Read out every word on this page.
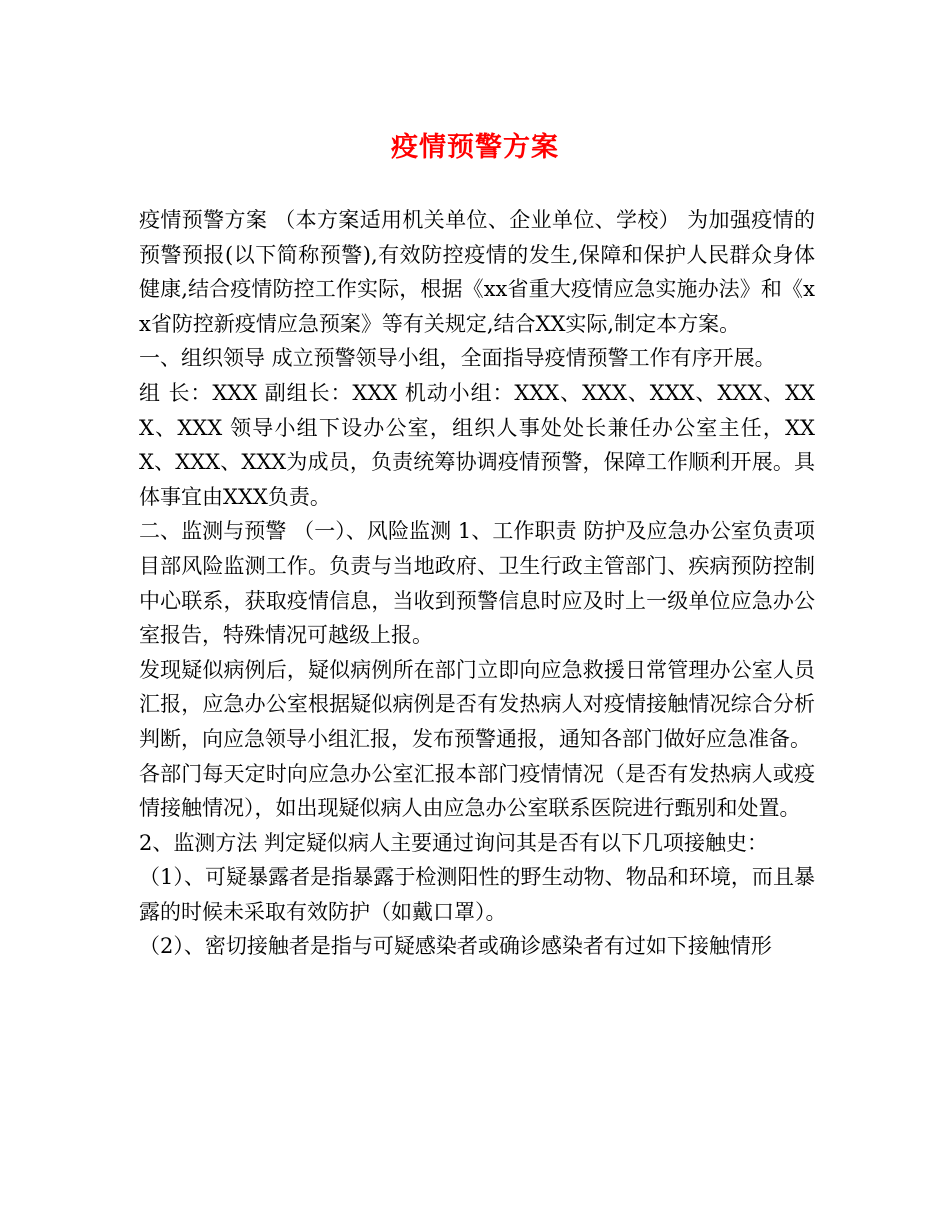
疫情预警方案

疫情预警方案 （本方案适用机关单位、企业单位、学校） 为加强疫情的预警预报(以下简称预警),有效防控疫情的发生,保障和保护人民群众身体健康,结合疫情防控工作实际，根据《xx省重大疫情应急实施办法》和《xx省防控新疫情应急预案》等有关规定,结合XX实际,制定本方案。

一、组织领导 成立预警领导小组，全面指导疫情预警工作有序开展。

组 长：XXX 副组长：XXX 机动小组：XXX、XXX、XXX、XXX、XXX、XXX 领导小组下设办公室，组织人事处处长兼任办公室主任，XXX、XXX、XXX为成员，负责统筹协调疫情预警，保障工作顺利开展。具体事宜由XXX负责。

二、监测与预警 （一）、风险监测 1、工作职责 防护及应急办公室负责项目部风险监测工作。负责与当地政府、卫生行政主管部门、疾病预防控制中心联系，获取疫情信息，当收到预警信息时应及时上一级单位应急办公室报告，特殊情况可越级上报。

发现疑似病例后，疑似病例所在部门立即向应急救援日常管理办公室人员汇报，应急办公室根据疑似病例是否有发热病人对疫情接触情况综合分析判断，向应急领导小组汇报，发布预警通报，通知各部门做好应急准备。

各部门每天定时向应急办公室汇报本部门疫情情况（是否有发热病人或疫情接触情况），如出现疑似病人由应急办公室联系医院进行甄别和处置。

2、监测方法 判定疑似病人主要通过询问其是否有以下几项接触史：

（1）、可疑暴露者是指暴露于检测阳性的野生动物、物品和环境，而且暴露的时候未采取有效防护（如戴口罩）。

（2）、密切接触者是指与可疑感染者或确诊感染者有过如下接触情形
